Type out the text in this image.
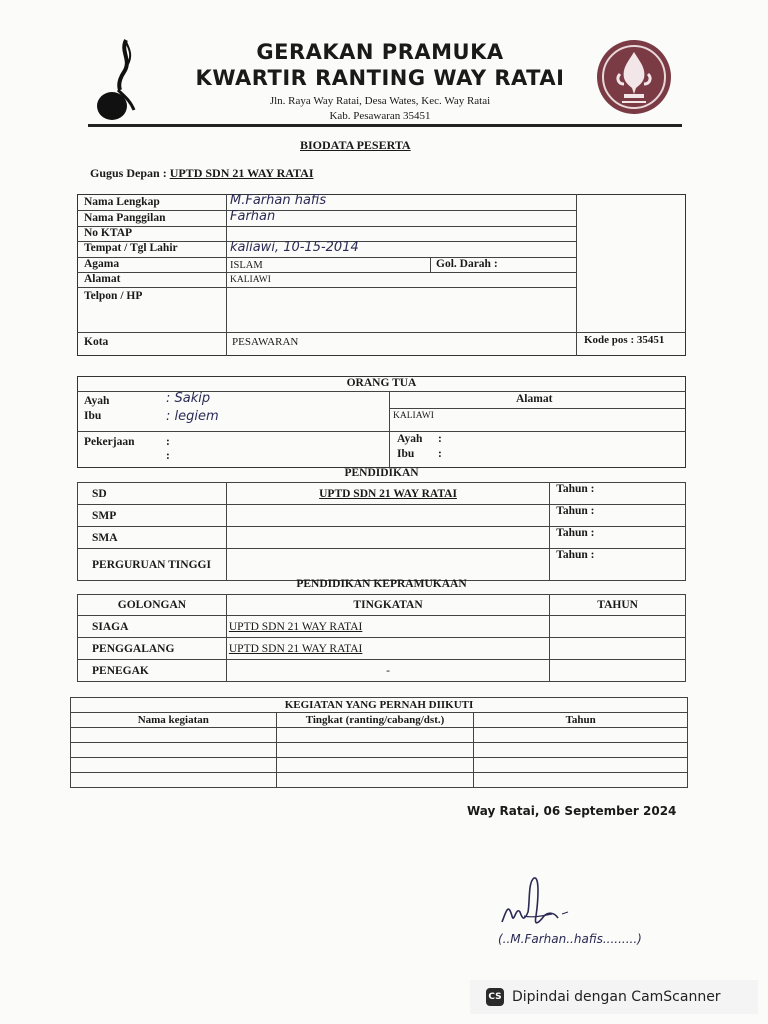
GERAKAN PRAMUKA
KWARTIR RANTING WAY RATAI
Jln. Raya Way Ratai, Desa Wates, Kec. Way Ratai
Kab. Pesawaran 35451
BIODATA PESERTA
Gugus Depan : UPTD SDN 21 WAY RATAI
Nama Lengkap	M.Farhan hafis
Nama Panggilan	Farhan
No KTAP
Tempat / Tgl Lahir	kaliawi, 10-15-2014
Agama	ISLAM	Gol. Darah :
Alamat	KALIAWI
Telpon / HP
Kota	PESAWARAN	Kode pos : 35451
ORANG TUA
Ayah	: Sakip
Ibu	: legiem
Alamat
KALIAWI
Pekerjaan	:
:
Ayah :
Ibu :
PENDIDIKAN
SD	UPTD SDN 21 WAY RATAI	Tahun :
SMP		Tahun :
SMA		Tahun :
PERGURUAN TINGGI		Tahun :
PENDIDIKAN KEPRAMUKAAN
GOLONGAN	TINGKATAN	TAHUN
SIAGA	UPTD SDN 21 WAY RATAI	
PENGGALANG	UPTD SDN 21 WAY RATAI	
PENEGAK	-	
KEGIATAN YANG PERNAH DIIKUTI		
Nama kegiatan	Tingkat (ranting/cabang/dst.)	Tahun

Way Ratai, 06 September 2024
(..M.Farhan..hafis.........)
CS Dipindai dengan CamScanner
